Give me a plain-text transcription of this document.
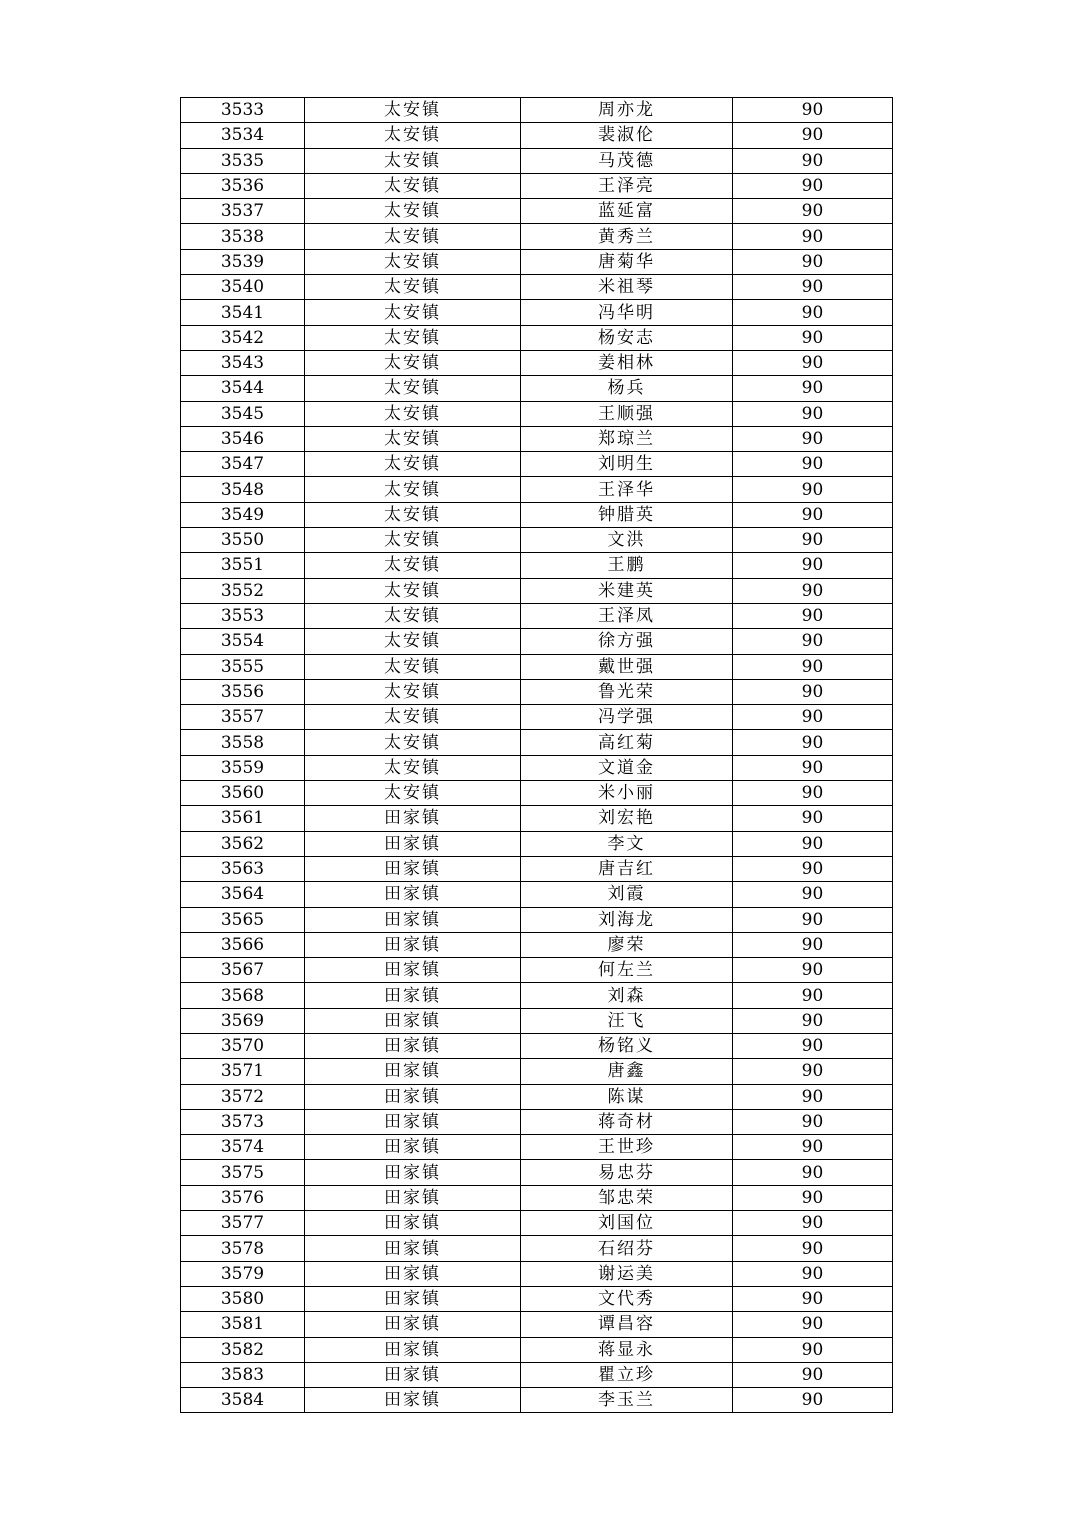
3533	太安镇	周亦龙	90
3534	太安镇	裴淑伦	90
3535	太安镇	马茂德	90
3536	太安镇	王泽亮	90
3537	太安镇	蓝延富	90
3538	太安镇	黄秀兰	90
3539	太安镇	唐菊华	90
3540	太安镇	米祖琴	90
3541	太安镇	冯华明	90
3542	太安镇	杨安志	90
3543	太安镇	姜相林	90
3544	太安镇	杨兵	90
3545	太安镇	王顺强	90
3546	太安镇	郑琼兰	90
3547	太安镇	刘明生	90
3548	太安镇	王泽华	90
3549	太安镇	钟腊英	90
3550	太安镇	文洪	90
3551	太安镇	王鹏	90
3552	太安镇	米建英	90
3553	太安镇	王泽凤	90
3554	太安镇	徐方强	90
3555	太安镇	戴世强	90
3556	太安镇	鲁光荣	90
3557	太安镇	冯学强	90
3558	太安镇	高红菊	90
3559	太安镇	文道金	90
3560	太安镇	米小丽	90
3561	田家镇	刘宏艳	90
3562	田家镇	李文	90
3563	田家镇	唐吉红	90
3564	田家镇	刘霞	90
3565	田家镇	刘海龙	90
3566	田家镇	廖荣	90
3567	田家镇	何左兰	90
3568	田家镇	刘森	90
3569	田家镇	汪飞	90
3570	田家镇	杨铭义	90
3571	田家镇	唐鑫	90
3572	田家镇	陈谋	90
3573	田家镇	蒋奇材	90
3574	田家镇	王世珍	90
3575	田家镇	易忠芬	90
3576	田家镇	邹忠荣	90
3577	田家镇	刘国位	90
3578	田家镇	石绍芬	90
3579	田家镇	谢运美	90
3580	田家镇	文代秀	90
3581	田家镇	谭昌容	90
3582	田家镇	蒋显永	90
3583	田家镇	瞿立珍	90
3584	田家镇	李玉兰	90
